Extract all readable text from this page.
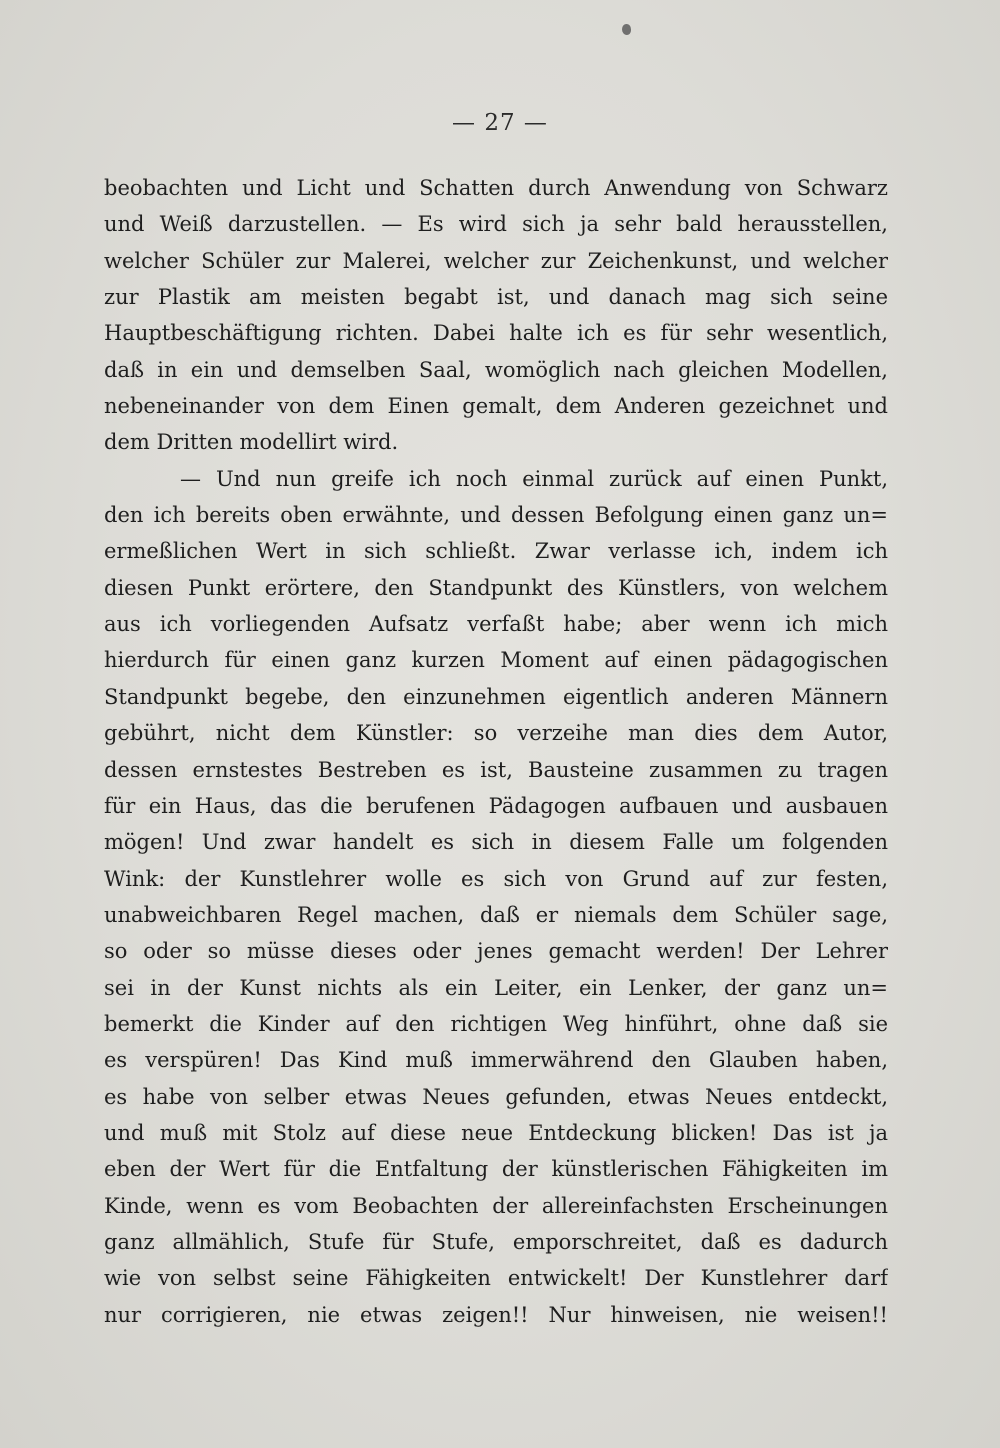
— 27 —
beobachten und Licht und Schatten durch Anwendung von Schwarz
und Weiß darzustellen. — Es wird sich ja sehr bald herausstellen,
welcher Schüler zur Malerei, welcher zur Zeichenkunst, und welcher
zur Plastik am meisten begabt ist, und danach mag sich seine
Hauptbeschäftigung richten. Dabei halte ich es für sehr wesentlich,
daß in ein und demselben Saal, womöglich nach gleichen Modellen,
nebeneinander von dem Einen gemalt, dem Anderen gezeichnet und
dem Dritten modellirt wird.
— Und nun greife ich noch einmal zurück auf einen Punkt,
den ich bereits oben erwähnte, und dessen Befolgung einen ganz un=
ermeßlichen Wert in sich schließt. Zwar verlasse ich, indem ich
diesen Punkt erörtere, den Standpunkt des Künstlers, von welchem
aus ich vorliegenden Aufsatz verfaßt habe; aber wenn ich mich
hierdurch für einen ganz kurzen Moment auf einen pädagogischen
Standpunkt begebe, den einzunehmen eigentlich anderen Männern
gebührt, nicht dem Künstler: so verzeihe man dies dem Autor,
dessen ernstestes Bestreben es ist, Bausteine zusammen zu tragen
für ein Haus, das die berufenen Pädagogen aufbauen und ausbauen
mögen! Und zwar handelt es sich in diesem Falle um folgenden
Wink: der Kunstlehrer wolle es sich von Grund auf zur festen,
unabweichbaren Regel machen, daß er niemals dem Schüler sage,
so oder so müsse dieses oder jenes gemacht werden! Der Lehrer
sei in der Kunst nichts als ein Leiter, ein Lenker, der ganz un=
bemerkt die Kinder auf den richtigen Weg hinführt, ohne daß sie
es verspüren! Das Kind muß immerwährend den Glauben haben,
es habe von selber etwas Neues gefunden, etwas Neues entdeckt,
und muß mit Stolz auf diese neue Entdeckung blicken! Das ist ja
eben der Wert für die Entfaltung der künstlerischen Fähigkeiten im
Kinde, wenn es vom Beobachten der allereinfachsten Erscheinungen
ganz allmählich, Stufe für Stufe, emporschreitet, daß es dadurch
wie von selbst seine Fähigkeiten entwickelt! Der Kunstlehrer darf
nur corrigieren, nie etwas zeigen!! Nur hinweisen, nie weisen!!
